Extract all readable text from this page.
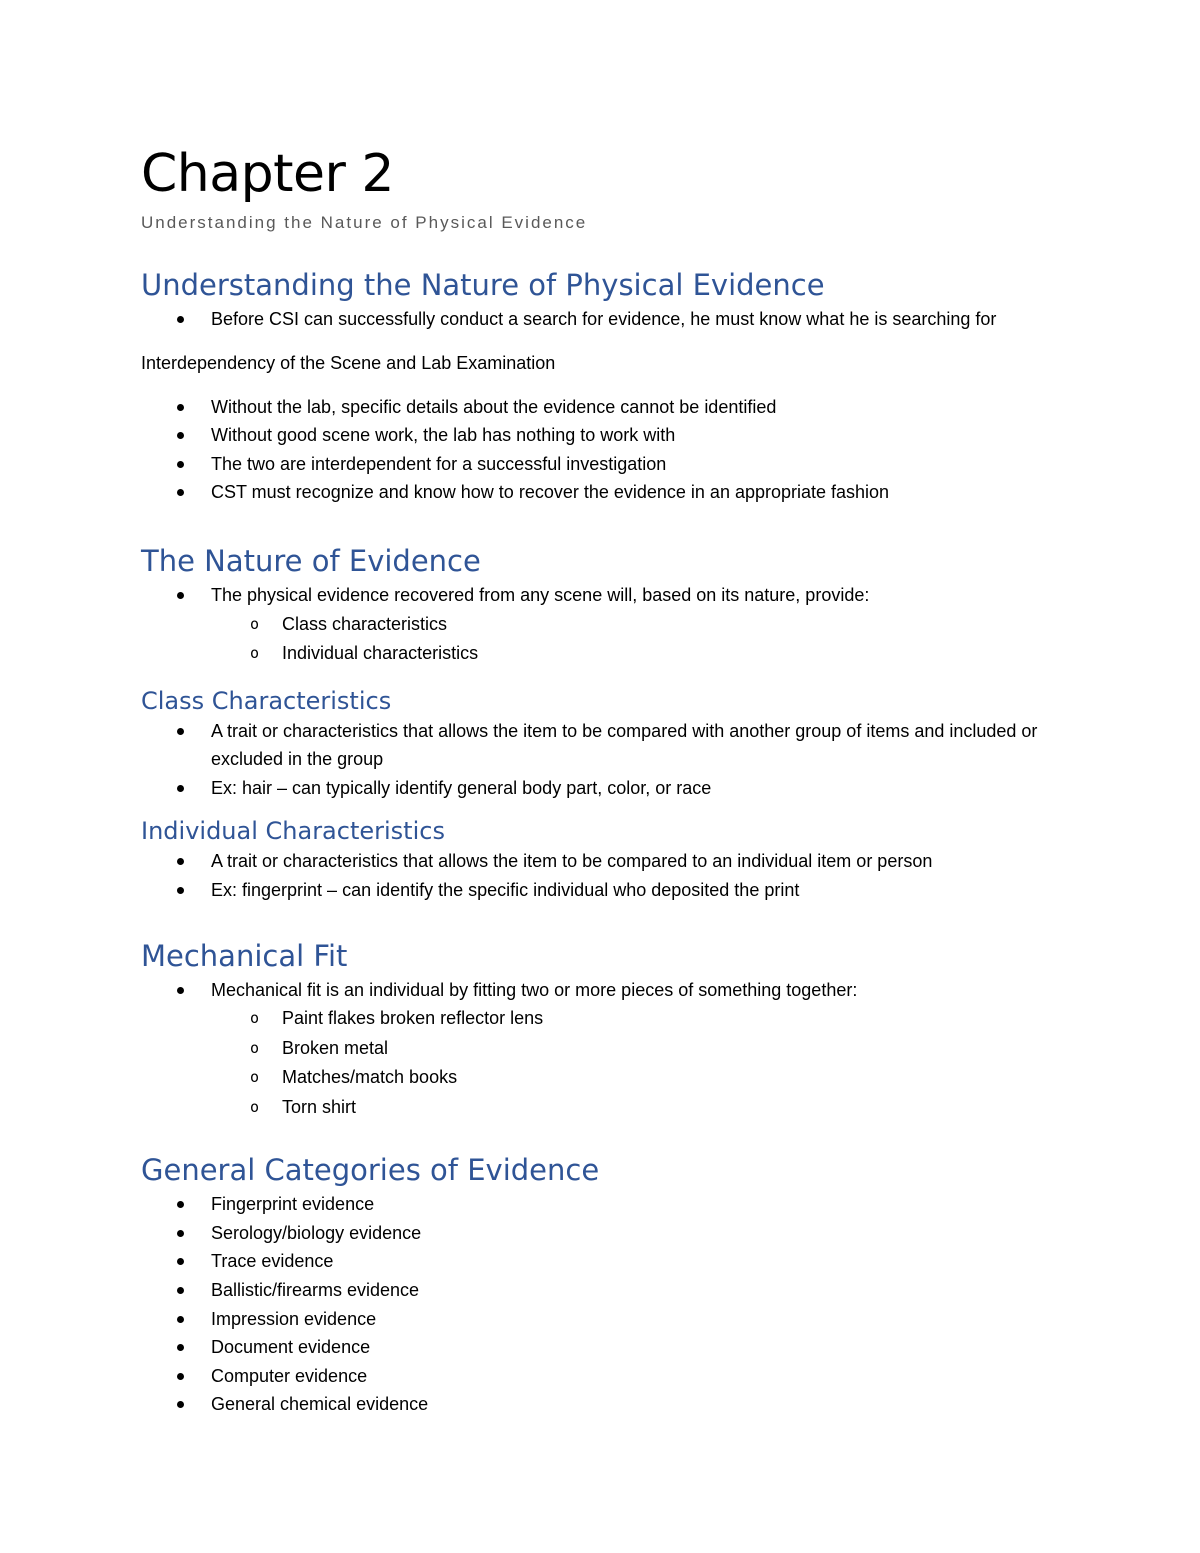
Chapter 2
Understanding the Nature of Physical Evidence
Understanding the Nature of Physical Evidence
Before CSI can successfully conduct a search for evidence, he must know what he is searching for

Interdependency of the Scene and Lab Examination

Without the lab, specific details about the evidence cannot be identified
Without good scene work, the lab has nothing to work with
The two are interdependent for a successful investigation
CST must recognize and know how to recover the evidence in an appropriate fashion
The Nature of Evidence
The physical evidence recovered from any scene will, based on its nature, provide:
o Class characteristics
o Individual characteristics
Class Characteristics
A trait or characteristics that allows the item to be compared with another group of items and included or excluded in the group
Ex: hair – can typically identify general body part, color, or race
Individual Characteristics
A trait or characteristics that allows the item to be compared to an individual item or person
Ex: fingerprint – can identify the specific individual who deposited the print
Mechanical Fit
Mechanical fit is an individual by fitting two or more pieces of something together:
o Paint flakes broken reflector lens
o Broken metal
o Matches/match books
o Torn shirt
General Categories of Evidence
Fingerprint evidence
Serology/biology evidence
Trace evidence
Ballistic/firearms evidence
Impression evidence
Document evidence
Computer evidence
General chemical evidence
